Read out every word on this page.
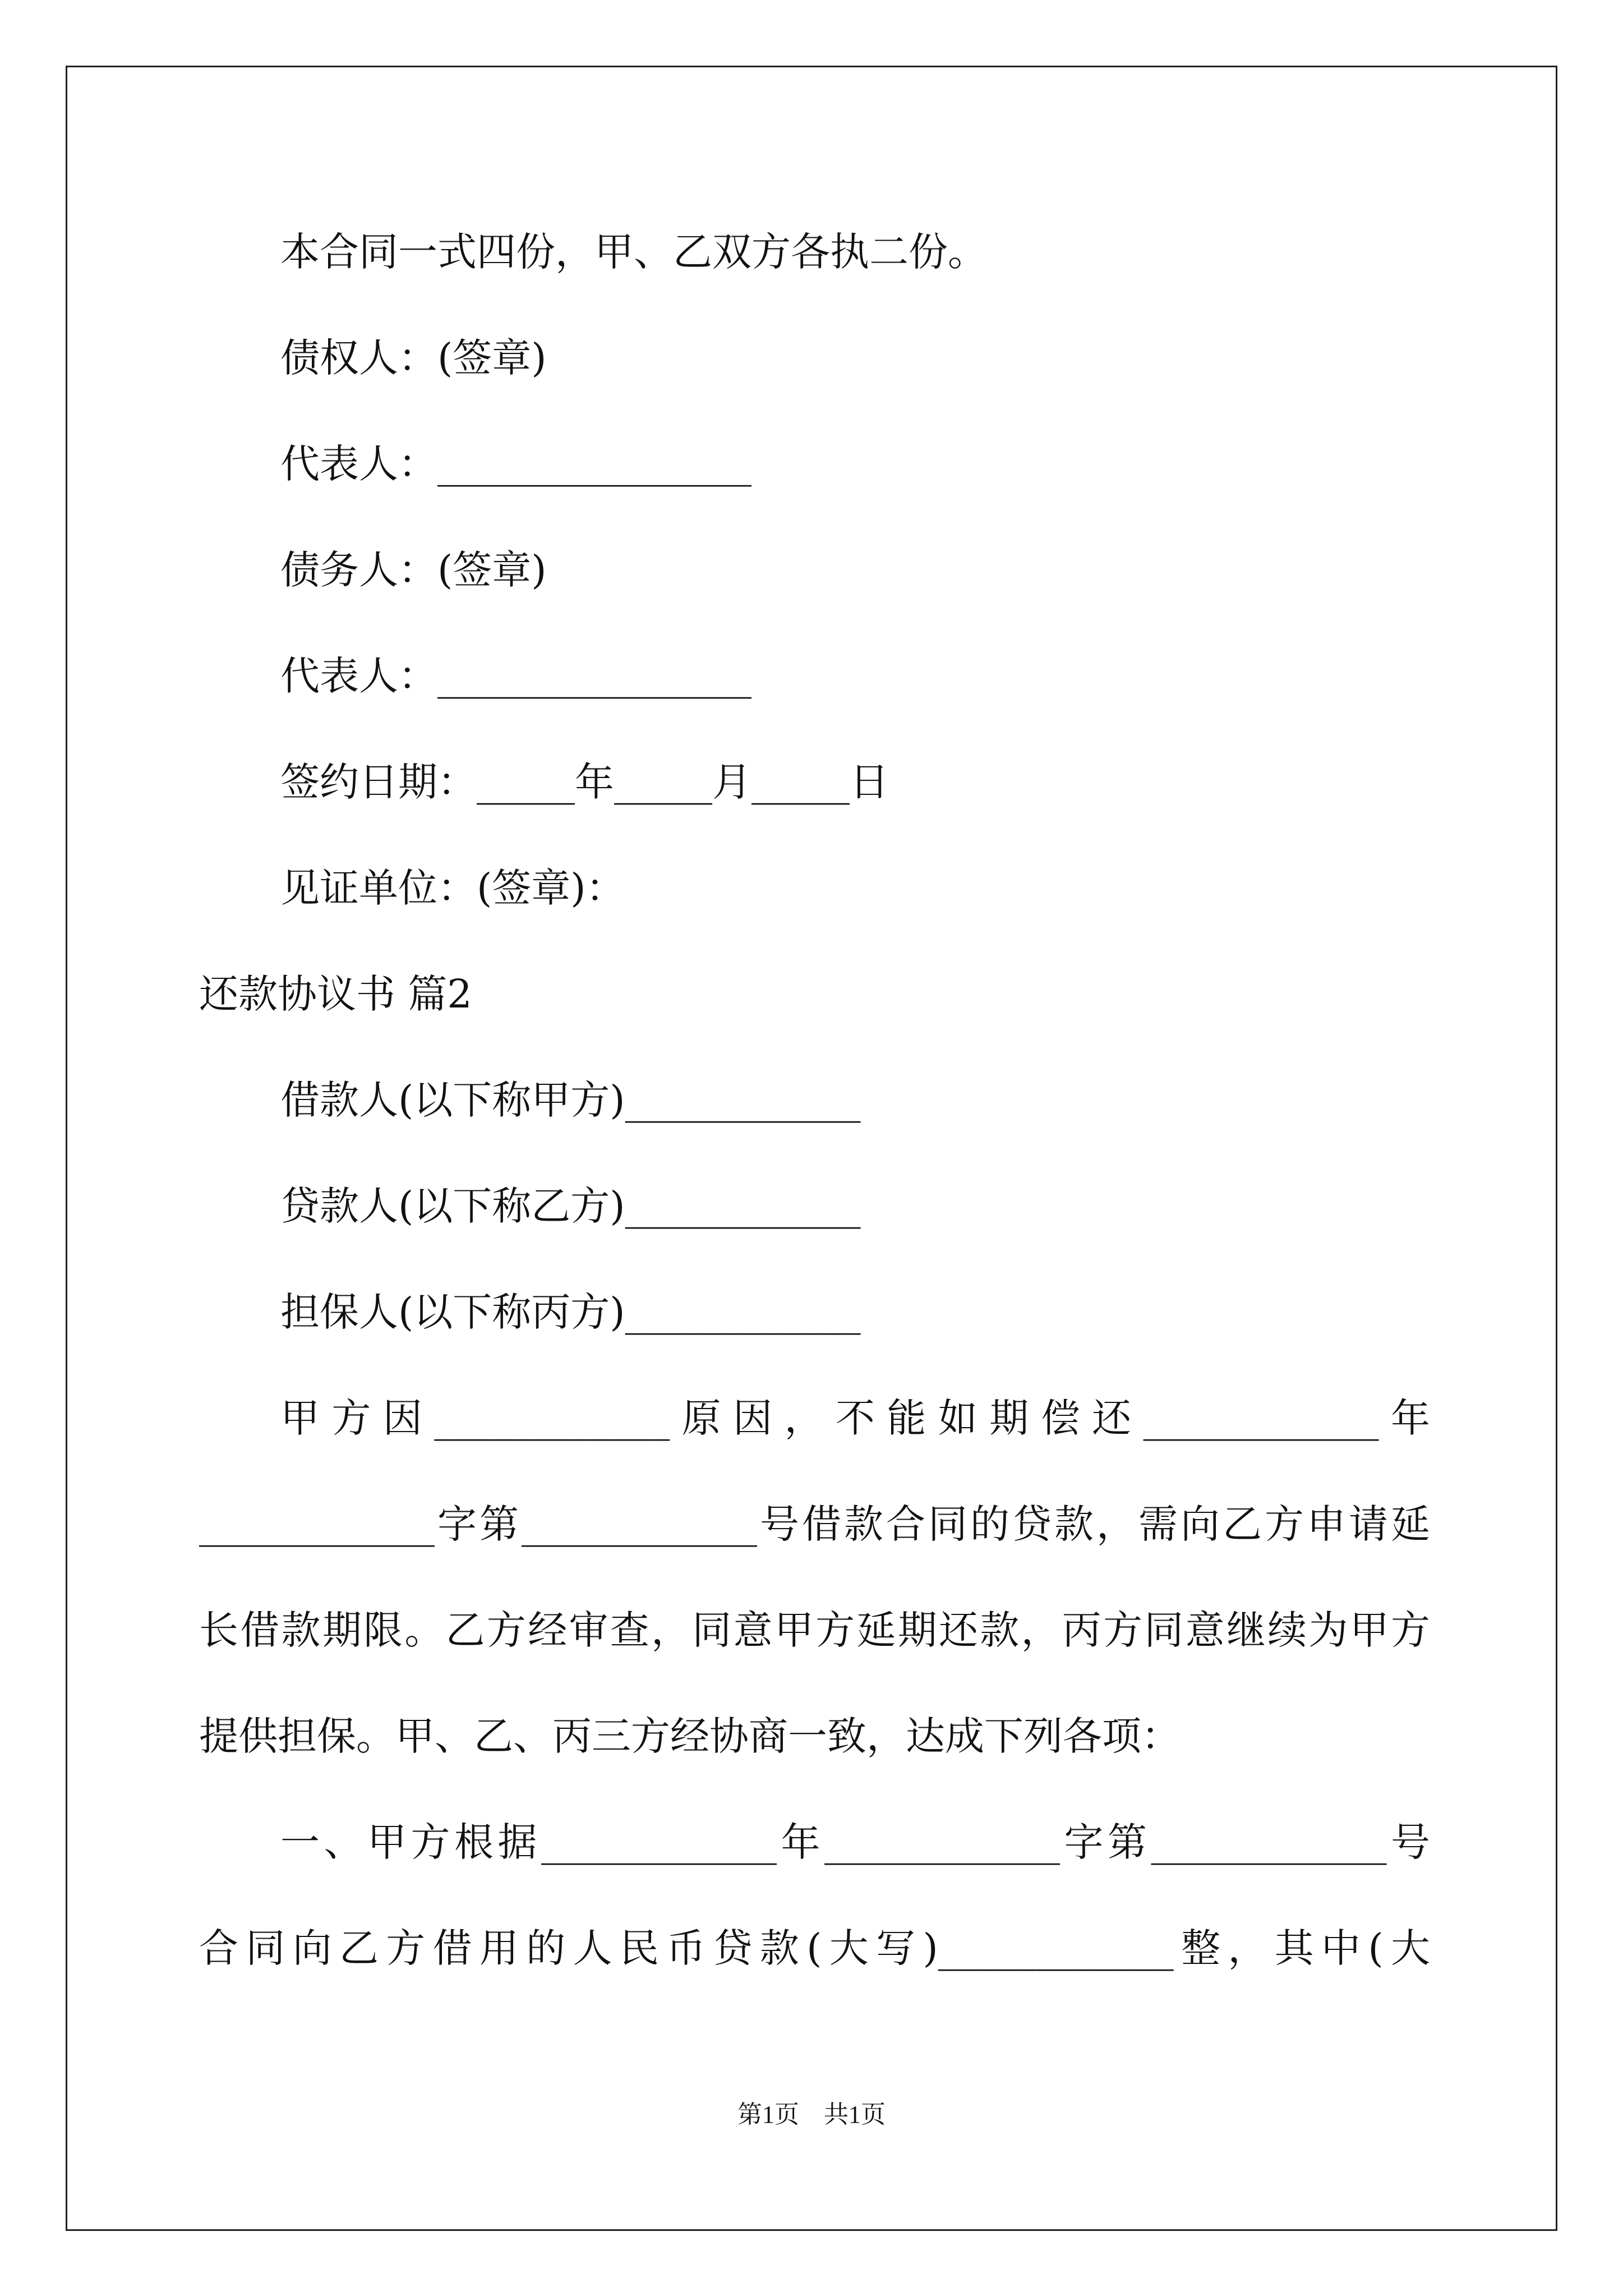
本合同一式四份，甲、乙双方各执二份。
债权人：(签章)
代表人：________________
债务人：(签章)
代表人：________________
签约日期：_____年_____月_____日
见证单位：(签章)：
还款协议书 篇2
借款人(以下称甲方)____________
贷款人(以下称乙方)____________
担保人(以下称丙方)____________
甲方因____________原因，不能如期偿还____________年
____________字第____________号借款合同的贷款，需向乙方申请延
长借款期限。乙方经审查，同意甲方延期还款，丙方同意继续为甲方
提供担保。甲、乙、丙三方经协商一致，达成下列各项：
一、甲方根据____________年____________字第____________号
合同向乙方借用的人民币贷款(大写)____________整，其中(大
第1页　共1页
